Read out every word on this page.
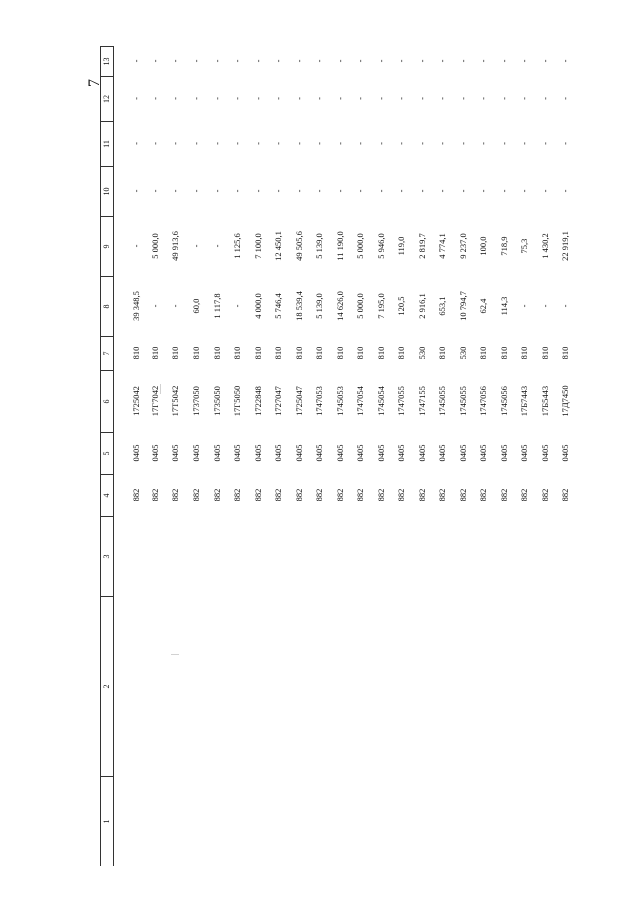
7
1
2
3
4
5
6
7
8
9
10
11
12
13
882
0405
1725042
810
39 348,5
-
-
-
-
-
882
0405
17Г7042
810
-
5 000,0
-
-
-
-
882
0405
17Т5042
810
-
49 913,6
-
-
-
-
882
0405
1737050
810
60,0
-
-
-
-
-
882
0405
1735050
810
1 117,8
-
-
-
-
-
882
0405
17Г5050
810
-
1 125,6
-
-
-
-
882
0405
1722848
810
4 000,0
7 100,0
-
-
-
-
882
0405
1727047
810
5 746,4
12 450,1
-
-
-
-
882
0405
1725047
810
18 539,4
49 505,6
-
-
-
-
882
0405
1747053
810
5 139,0
5 139,0
-
-
-
-
882
0405
1745053
810
14 626,0
11 190,0
-
-
-
-
882
0405
1747054
810
5 000,0
5 000,0
-
-
-
-
882
0405
1745054
810
7 195,0
5 946,0
-
-
-
-
882
0405
1747055
810
120,5
119,0
-
-
-
-
882
0405
1747155
530
2 916,1
2 819,7
-
-
-
-
882
0405
1745055
810
653,1
4 774,1
-
-
-
-
882
0405
1745055
530
10 794,7
9 237,0
-
-
-
-
882
0405
1747056
810
62,4
100,0
-
-
-
-
882
0405
1745056
810
114,3
718,9
-
-
-
-
882
0405
17Б7443
810
-
75,3
-
-
-
-
882
0405
17Б5443
810
-
1 430,2
-
-
-
-
882
0405
17Д7450
810
-
22 919,1
-
-
-
-
